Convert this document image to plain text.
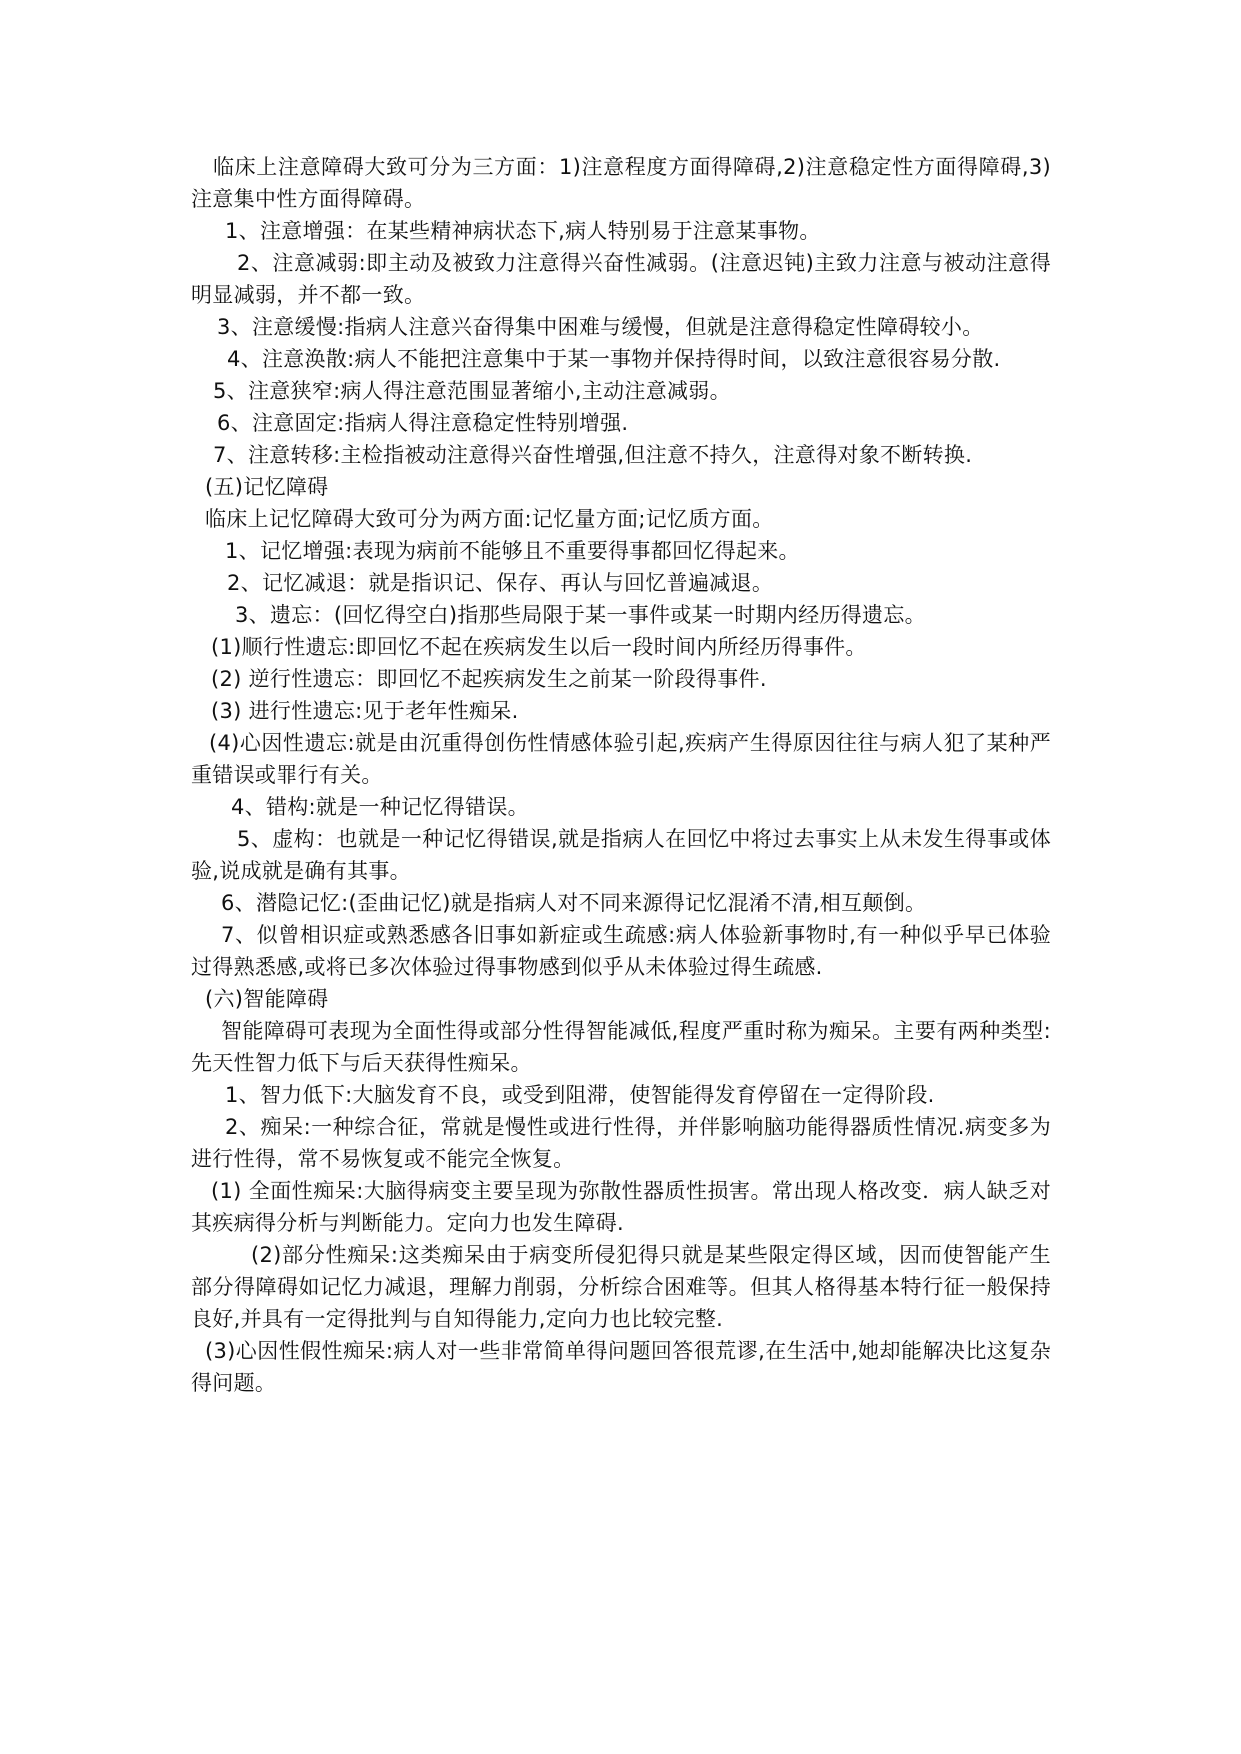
临床上注意障碍大致可分为三方面：1)注意程度方面得障碍,2)注意稳定性方面得障碍,3)注意集中性方面得障碍。

1、注意增强：在某些精神病状态下,病人特别易于注意某事物。

2、注意减弱:即主动及被致力注意得兴奋性减弱。(注意迟钝)主致力注意与被动注意得明显减弱，并不都一致。

3、注意缓慢:指病人注意兴奋得集中困难与缓慢，但就是注意得稳定性障碍较小。

4、注意涣散:病人不能把注意集中于某一事物并保持得时间，以致注意很容易分散.

5、注意狭窄:病人得注意范围显著缩小,主动注意减弱。

6、注意固定:指病人得注意稳定性特别增强.

7、注意转移:主检指被动注意得兴奋性增强,但注意不持久，注意得对象不断转换.

(五)记忆障碍

临床上记忆障碍大致可分为两方面:记忆量方面;记忆质方面。

1、记忆增强:表现为病前不能够且不重要得事都回忆得起来。

2、记忆减退：就是指识记、保存、再认与回忆普遍减退。

3、遗忘：(回忆得空白)指那些局限于某一事件或某一时期内经历得遗忘。

(1)顺行性遗忘:即回忆不起在疾病发生以后一段时间内所经历得事件。

(2) 逆行性遗忘：即回忆不起疾病发生之前某一阶段得事件.

(3) 进行性遗忘:见于老年性痴呆.

(4)心因性遗忘:就是由沉重得创伤性情感体验引起,疾病产生得原因往往与病人犯了某种严重错误或罪行有关。

4、错构:就是一种记忆得错误。

5、虚构：也就是一种记忆得错误,就是指病人在回忆中将过去事实上从未发生得事或体验,说成就是确有其事。

6、潜隐记忆:(歪曲记忆)就是指病人对不同来源得记忆混淆不清,相互颠倒。

7、似曾相识症或熟悉感各旧事如新症或生疏感:病人体验新事物时,有一种似乎早已体验过得熟悉感,或将已多次体验过得事物感到似乎从未体验过得生疏感.

(六)智能障碍

智能障碍可表现为全面性得或部分性得智能减低,程度严重时称为痴呆。主要有两种类型:先天性智力低下与后天获得性痴呆。

1、智力低下:大脑发育不良，或受到阻滞，使智能得发育停留在一定得阶段.

2、痴呆:一种综合征，常就是慢性或进行性得，并伴影响脑功能得器质性情况.病变多为进行性得，常不易恢复或不能完全恢复。

(1) 全面性痴呆:大脑得病变主要呈现为弥散性器质性损害。常出现人格改变．病人缺乏对其疾病得分析与判断能力。定向力也发生障碍.

(2)部分性痴呆:这类痴呆由于病变所侵犯得只就是某些限定得区域，因而使智能产生部分得障碍如记忆力减退，理解力削弱，分析综合困难等。但其人格得基本特行征一般保持良好,并具有一定得批判与自知得能力,定向力也比较完整.

(3)心因性假性痴呆:病人对一些非常简单得问题回答很荒谬,在生活中,她却能解决比这复杂得问题。
